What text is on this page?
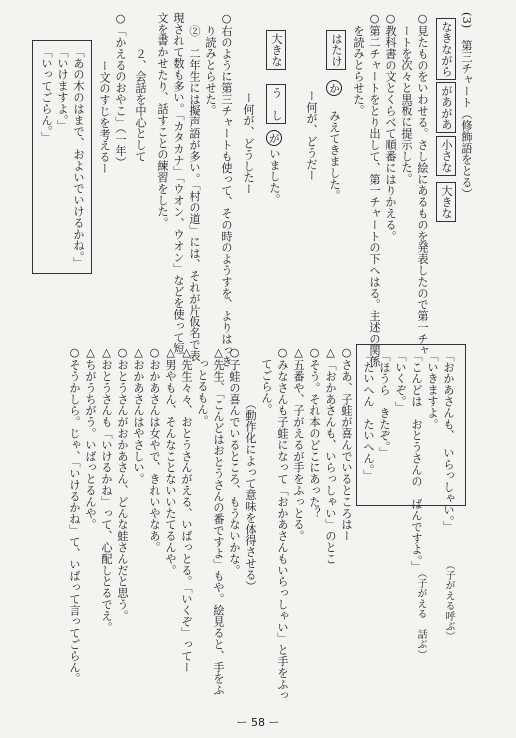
(3)　第三チャート（修飾語をとる）
なきながら
があがあ
小さな
大きな
○見たものをいわせる。さし絵にあるものを発表したので第一チャ
ートを次々と黒板に提示した。
○教科書の文とくらべて順番にはりかえる。
○第二チャートをとり出して、第一チャートの下へはる。主述の関係
を読みとらせた。
はたけ
か
みえてきました。
ー何が、どうだー
大きな
う　し
が
いました。
ー何が、どうしたー
○右のように第三チャートも使って、その時のようすを、よりはっき
り読みとらせた。
②　二年生には擬声語が多い。「村の道」には、それが片仮名で表
現されて数も多い。「カタカナ」「ウオン、ウオン」などを使って短
文を書かせたり、話すことの練習をした。
２、会話を中心として
○「かえるのおやこ」（一年）
ー文のすじを考えるー
「あの木のはまで、およいでいけるかね。」
「いけますよ。」
「いってごらん。」
「おかあさんも、　いらっしゃい。」
（子がえる呼ぶ）
「いきますよ。
「こんどは　おとうさんの　ばんですよ。」
（子がえる　話ぶ）
「いくぞ。」
「ほうら　きたぞ。」
「たいへん　たいへん。」
○さあ、子蛙が喜んでいるところはー
△「おかあさんも、いらっしゃい」のとこ
○そう。それ本のどこにあった？
△五番や、子がえるが手をふっとる。
○みなさんも子蛙になって「おかあさんもいらっしゃい」と手をふっ
てごらん。
（動作化によって意味を体得させる）
○子蛙の喜んでいるところ、もうないかな。
△先生、「こんどはおとうさんの番ですよ」もや。絵見ると、手をふ
っとるもん。
△先生々々、おとうさんがえる、いばっとる。「いくぞ」ってー
△男やもん、そんなことないいたてるんや。
○おかあさんは女やで、きれいやなあ。
△おかあさんはやさしい。
○おとうさんがおかあさん、どんな蛙さんだと思う。
△おとうさんも「いけるかね」って、心配しとるでえ。
△ちがうちがう。いばっとるんや。
○そうかしら。じゃ、「いけるかね」て、いばって言ってごらん。
ー 58 ー
